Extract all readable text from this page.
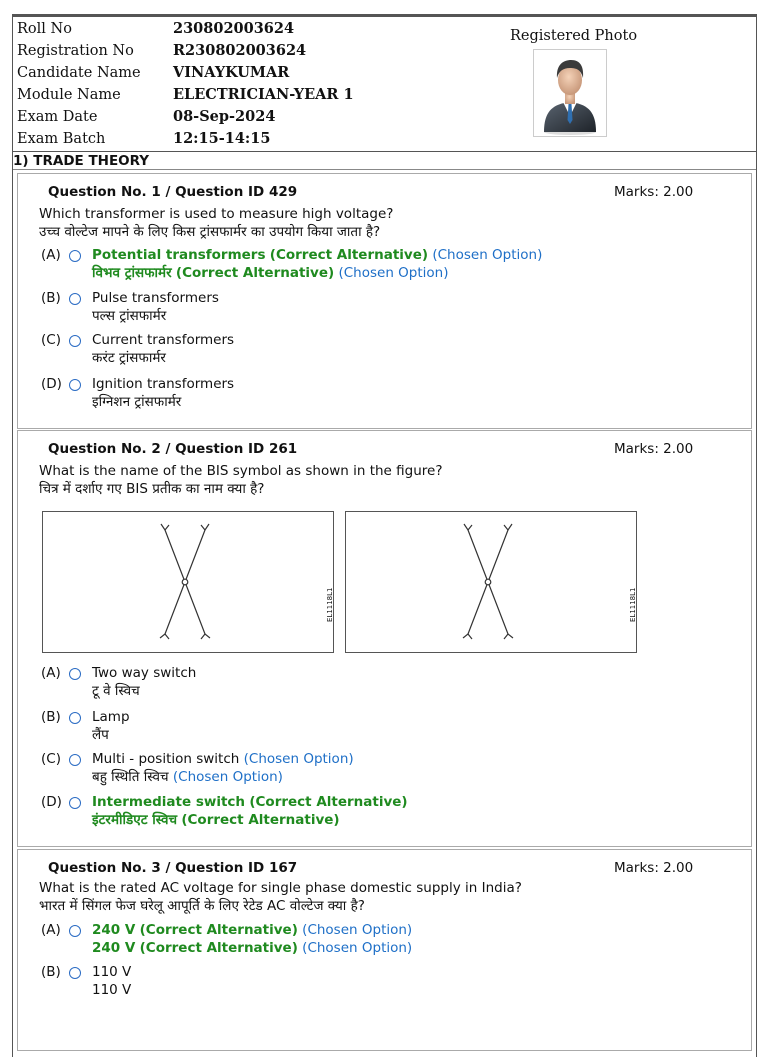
Roll No	230802003624
Registration No	R230802003624
Candidate Name VINAYKUMAR
Module Name	ELECTRICIAN-YEAR 1
Exam Date	08-Sep-2024
Exam Batch	12:15-14:15
Registered Photo
1) TRADE THEORY
Question No. 1 / Question ID 429	Marks: 2.00
Which transformer is used to measure high voltage?
उच्च वोल्टेज मापने के लिए किस ट्रांसफार्मर का उपयोग किया जाता है?
(A) Potential transformers (Correct Alternative) (Chosen Option)
विभव ट्रांसफार्मर (Correct Alternative) (Chosen Option)
(B) Pulse transformers
पल्स ट्रांसफार्मर
(C) Current transformers
करंट ट्रांसफार्मर
(D) Ignition transformers
इग्निशन ट्रांसफार्मर
Question No. 2 / Question ID 261	Marks: 2.00
What is the name of the BIS symbol as shown in the figure?
चित्र में दर्शाए गए BIS प्रतीक का नाम क्या है?
EL1118L1	EL1118L1
(A) Two way switch
टू वे स्विच
(B) Lamp
लैंप
(C) Multi - position switch (Chosen Option)
बहु स्थिति स्विच (Chosen Option)
(D) Intermediate switch (Correct Alternative)
इंटरमीडिएट स्विच (Correct Alternative)
Question No. 3 / Question ID 167	Marks: 2.00
What is the rated AC voltage for single phase domestic supply in India?
भारत में सिंगल फेज घरेलू आपूर्ति के लिए रेटेड AC वोल्टेज क्या है?
(A) 240 V (Correct Alternative) (Chosen Option)
240 V (Correct Alternative) (Chosen Option)
(B) 110 V
110 V
